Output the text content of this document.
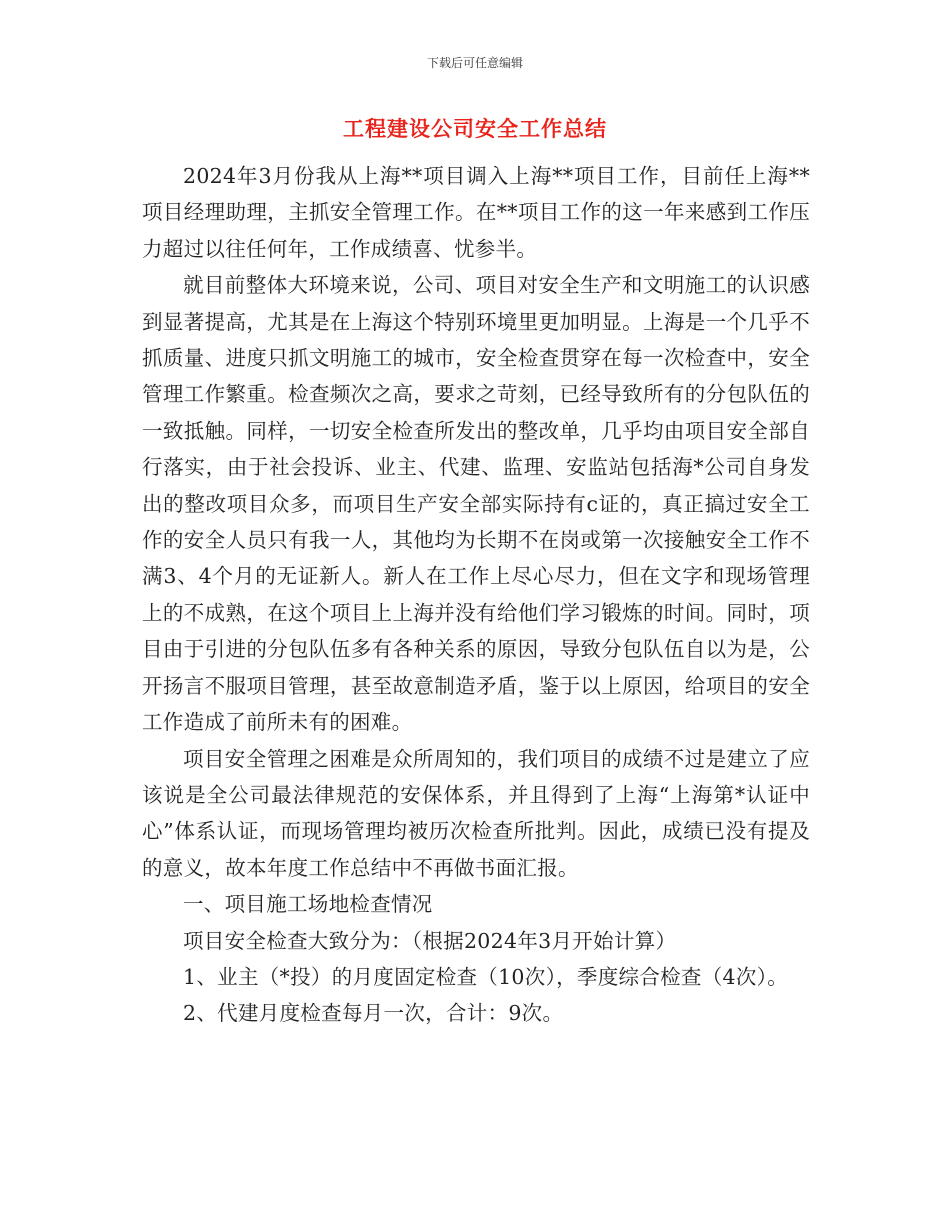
下载后可任意编辑
工程建设公司安全工作总结

2024年3月份我从上海**项目调入上海**项目工作，目前任上海**项目经理助理，主抓安全管理工作。在**项目工作的这一年来感到工作压力超过以往任何年，工作成绩喜、忧参半。

就目前整体大环境来说，公司、项目对安全生产和文明施工的认识感到显著提高，尤其是在上海这个特别环境里更加明显。上海是一个几乎不抓质量、进度只抓文明施工的城市，安全检查贯穿在每一次检查中，安全管理工作繁重。检查频次之高，要求之苛刻，已经导致所有的分包队伍的一致抵触。同样，一切安全检查所发出的整改单，几乎均由项目安全部自行落实，由于社会投诉、业主、代建、监理、安监站包括海*公司自身发出的整改项目众多，而项目生产安全部实际持有c证的，真正搞过安全工作的安全人员只有我一人，其他均为长期不在岗或第一次接触安全工作不满3、4个月的无证新人。新人在工作上尽心尽力，但在文字和现场管理上的不成熟，在这个项目上上海并没有给他们学习锻炼的时间。同时，项目由于引进的分包队伍多有各种关系的原因，导致分包队伍自以为是，公开扬言不服项目管理，甚至故意制造矛盾，鉴于以上原因，给项目的安全工作造成了前所未有的困难。

项目安全管理之困难是众所周知的，我们项目的成绩不过是建立了应该说是全公司最法律规范的安保体系，并且得到了上海“上海第*认证中心”体系认证，而现场管理均被历次检查所批判。因此，成绩已没有提及的意义，故本年度工作总结中不再做书面汇报。

一、项目施工场地检查情况

项目安全检查大致分为：（根据2024年3月开始计算）

1、业主（*投）的月度固定检查（10次），季度综合检查（4次）。

2、代建月度检查每月一次，合计：9次。
